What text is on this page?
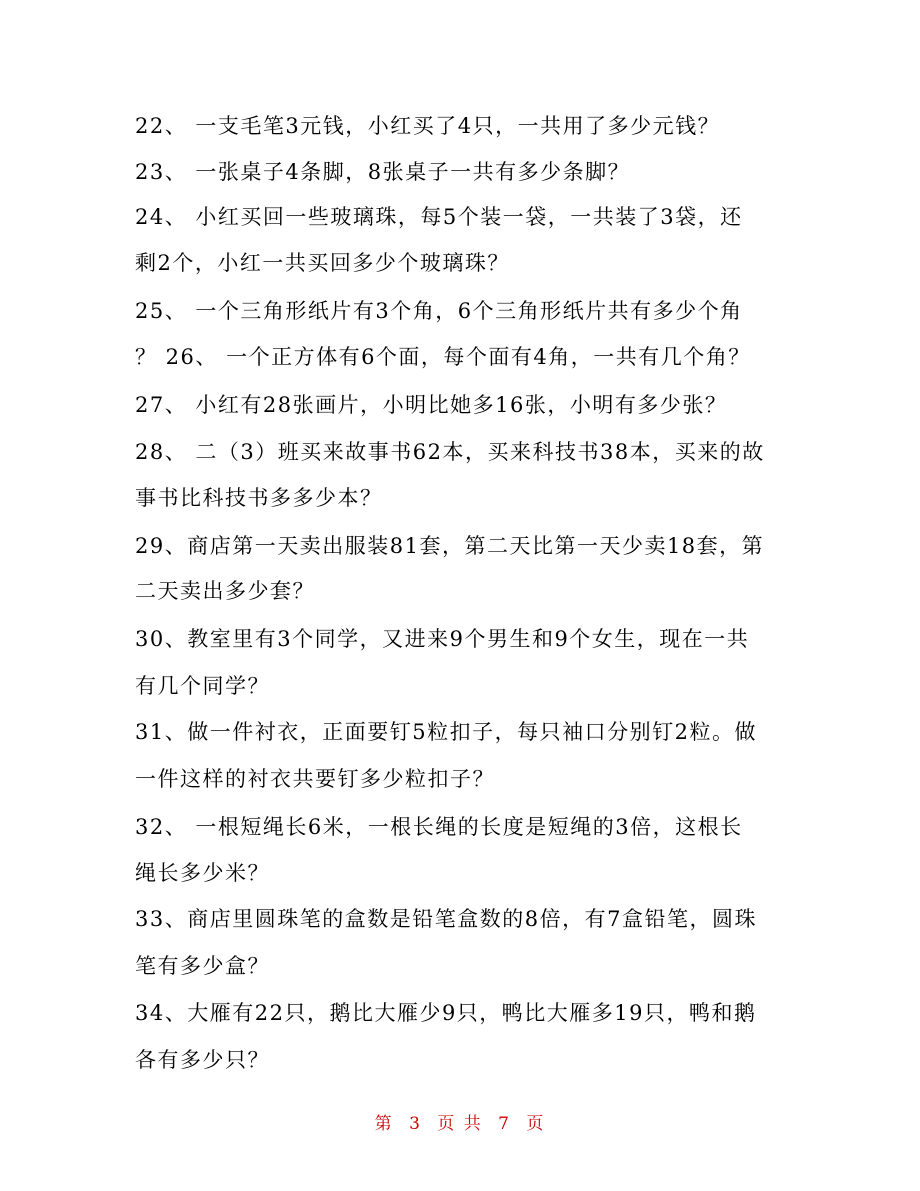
22、 一支毛笔3元钱，小红买了4只，一共用了多少元钱？
23、 一张桌子4条脚，8张桌子一共有多少条脚？
24、 小红买回一些玻璃珠，每5个装一袋，一共装了3袋，还
剩2个，小红一共买回多少个玻璃珠？
25、 一个三角形纸片有3个角，6个三角形纸片共有多少个角
？ 26、 一个正方体有6个面，每个面有4角，一共有几个角？
27、 小红有28张画片，小明比她多16张，小明有多少张？
28、 二（3）班买来故事书62本，买来科技书38本，买来的故
事书比科技书多多少本？
29、商店第一天卖出服装81套，第二天比第一天少卖18套，第
二天卖出多少套？
30、教室里有3个同学，又进来9个男生和9个女生，现在一共
有几个同学？
31、做一件衬衣，正面要钉5粒扣子，每只袖口分别钉2粒。做
一件这样的衬衣共要钉多少粒扣子？
32、 一根短绳长6米，一根长绳的长度是短绳的3倍，这根长
绳长多少米？
33、商店里圆珠笔的盒数是铅笔盒数的8倍，有7盒铅笔，圆珠
笔有多少盒？
34、大雁有22只，鹅比大雁少9只，鸭比大雁多19只，鸭和鹅
各有多少只？
第 3 页 共 7 页
